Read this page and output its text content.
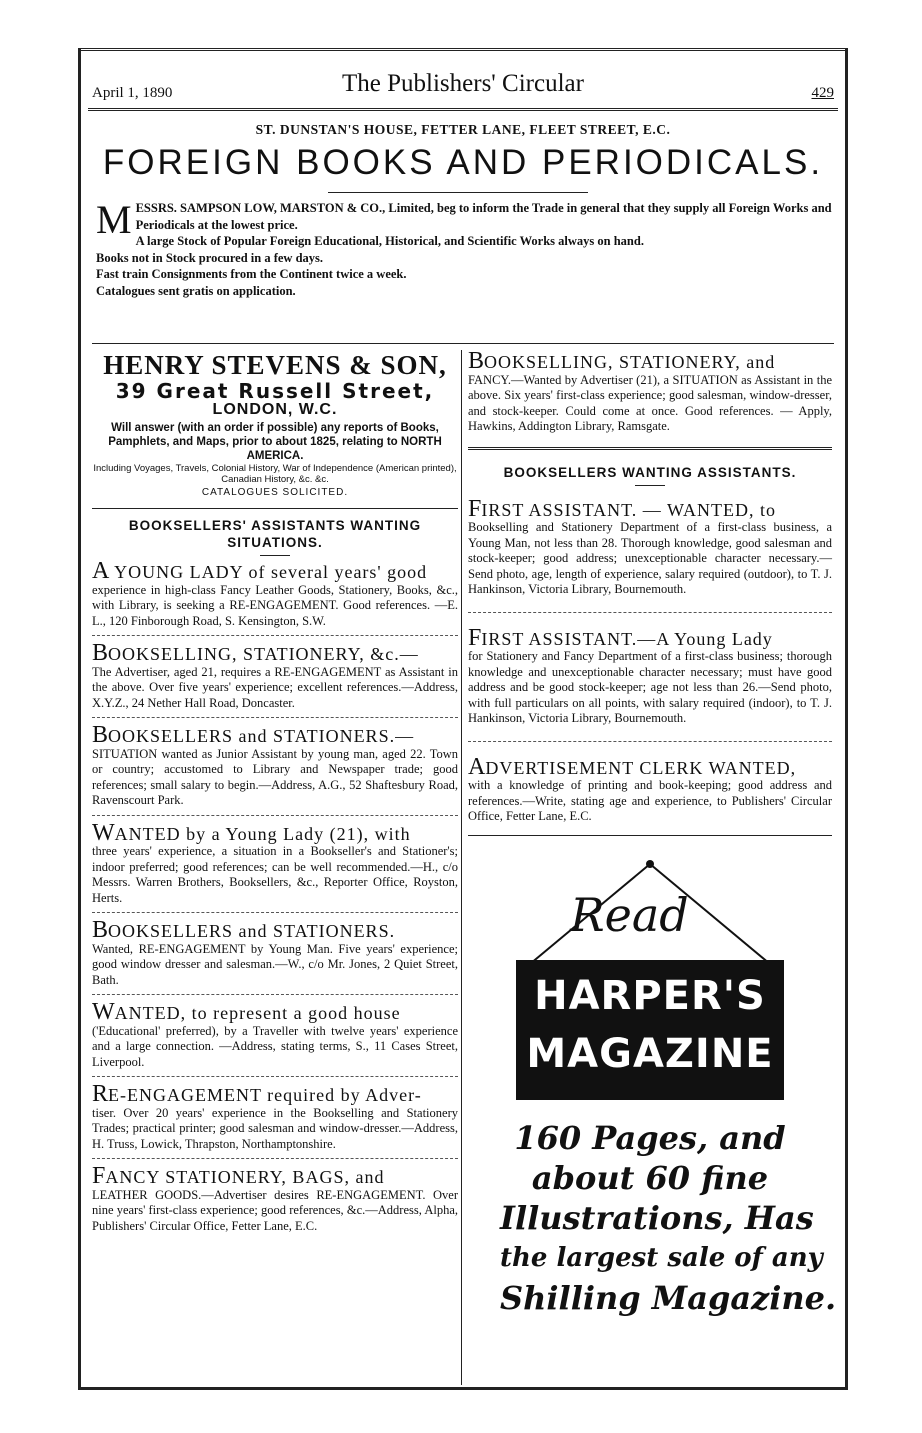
April 1, 1890	The Publishers' Circular	429
ST. DUNSTAN'S HOUSE, FETTER LANE, FLEET STREET, E.C.
FOREIGN BOOKS AND PERIODICALS.
M ESSRS. SAMPSON LOW, MARSTON & CO., Limited, beg to inform the Trade in general that they supply all Foreign Works and Periodicals at the lowest price.

A large Stock of Popular Foreign Educational, Historical, and Scientific Works always on hand.

Books not in Stock procured in a few days.

Fast train Consignments from the Continent twice a week.

Catalogues sent gratis on application.

HENRY STEVENS & SON,
39 Great Russell Street,
LONDON, W.C.
Will answer (with an order if possible) any reports of Books, Pamphlets, and Maps, prior to about 1825, relating to NORTH AMERICA.
Including Voyages, Travels, Colonial History, War of Independence (American printed), Canadian History, &c. &c.
CATALOGUES SOLICITED.
BOOKSELLERS' ASSISTANTS WANTING SITUATIONS.

A YOUNG LADY of several years' good

experience in high-class Fancy Leather Goods, Stationery, Books, &c., with Library, is seeking a RE-ENGAGEMENT. Good references. —E. L., 120 Finborough Road, S. Kensington, S.W.

BOOKSELLING, STATIONERY, &c.—

The Advertiser, aged 21, requires a RE-ENGAGEMENT as Assistant in the above. Over five years' experience; excellent references.—Address, X.Y.Z., 24 Nether Hall Road, Doncaster.

BOOKSELLERS and STATIONERS.—

SITUATION wanted as Junior Assistant by young man, aged 22. Town or country; accustomed to Library and Newspaper trade; good references; small salary to begin.—Address, A.G., 52 Shaftesbury Road, Ravenscourt Park.

WANTED by a Young Lady (21), with

three years' experience, a situation in a Bookseller's and Stationer's; indoor preferred; good references; can be well recommended.—H., c/o Messrs. Warren Brothers, Booksellers, &c., Reporter Office, Royston, Herts.

BOOKSELLERS and STATIONERS.

Wanted, RE-ENGAGEMENT by Young Man. Five years' experience; good window dresser and salesman.—W., c/o Mr. Jones, 2 Quiet Street, Bath.

WANTED, to represent a good house

('Educational' preferred), by a Traveller with twelve years' experience and a large connection. —Address, stating terms, S., 11 Cases Street, Liverpool.

RE-ENGAGEMENT required by Adver-

tiser. Over 20 years' experience in the Bookselling and Stationery Trades; practical printer; good salesman and window-dresser.—Address, H. Truss, Lowick, Thrapston, Northamptonshire.

FANCY STATIONERY, BAGS, and

LEATHER GOODS.—Advertiser desires RE-ENGAGEMENT. Over nine years' first-class experience; good references, &c.—Address, Alpha, Publishers' Circular Office, Fetter Lane, E.C.

BOOKSELLING, STATIONERY, and

FANCY.—Wanted by Advertiser (21), a SITUATION as Assistant in the above. Six years' first-class experience; good salesman, window-dresser, and stock-keeper. Could come at once. Good references. — Apply, Hawkins, Addington Library, Ramsgate.

BOOKSELLERS WANTING ASSISTANTS.

FIRST ASSISTANT. — WANTED, to

Bookselling and Stationery Department of a first-class business, a Young Man, not less than 28. Thorough knowledge, good salesman and stock-keeper; good address; unexceptionable character necessary.—Send photo, age, length of experience, salary required (outdoor), to T. J. Hankinson, Victoria Library, Bournemouth.

FIRST ASSISTANT.—A Young Lady

for Stationery and Fancy Department of a first-class business; thorough knowledge and unexceptionable character necessary; must have good address and be good stock-keeper; age not less than 26.—Send photo, with full particulars on all points, with salary required (indoor), to T. J. Hankinson, Victoria Library, Bournemouth.

ADVERTISEMENT CLERK WANTED,

with a knowledge of printing and book-keeping; good address and references.—Write, stating age and experience, to Publishers' Circular Office, Fetter Lane, E.C.

HARPER'S
MAGAZINE
Read
160 Pages, and
about 60 fine
Illustrations, Has
the largest sale of any
Shilling Magazine.
